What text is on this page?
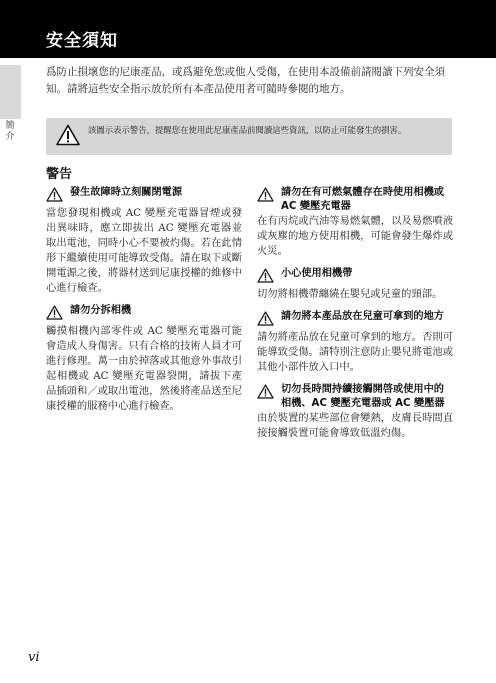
安全須知
簡介
爲防止損壞您的尼康產品，或爲避免您或他人受傷，在使用本設備前請閱讀下列安全須知。請將這些安全指示放於所有本產品使用者可隨時參閱的地方。
該圖示表示警告，提醒您在使用此尼康產品前閱讀這些資訊，以防止可能發生的損害。
警告
發生故障時立刻關閉電源
當您發現相機或 AC 變壓充電器冒煙或發出異味時，應立即拔出 AC 變壓充電器並取出電池，同時小心不要被灼傷。若在此情形下繼續使用可能導致受傷。請在取下或斷開電源之後，將器材送到尼康授權的維修中心進行檢查。
請勿分拆相機
觸摸相機內部零件或 AC 變壓充電器可能會造成人身傷害。只有合格的技術人員才可進行修理。萬一由於掉落或其他意外事故引起相機或 AC 變壓充電器裂開，請拔下產品插頭和／或取出電池，然後將產品送至尼康授權的服務中心進行檢查。
請勿在有可燃氣體存在時使用相機或 AC 變壓充電器
在有丙烷或汽油等易燃氣體，以及易燃噴液或灰塵的地方使用相機，可能會發生爆炸或火災。
小心使用相機帶
切勿將相機帶纏繞在嬰兒或兒童的頸部。
請勿將本產品放在兒童可拿到的地方
請勿將產品放在兒童可拿到的地方。否則可能導致受傷。請特別注意防止嬰兒將電池或其他小部件放入口中。
切勿長時間持續接觸開啓或使用中的相機、AC 變壓充電器或 AC 變壓器
由於裝置的某些部位會變熱，皮膚長時間直接接觸裝置可能會導致低溫灼傷。
vi
